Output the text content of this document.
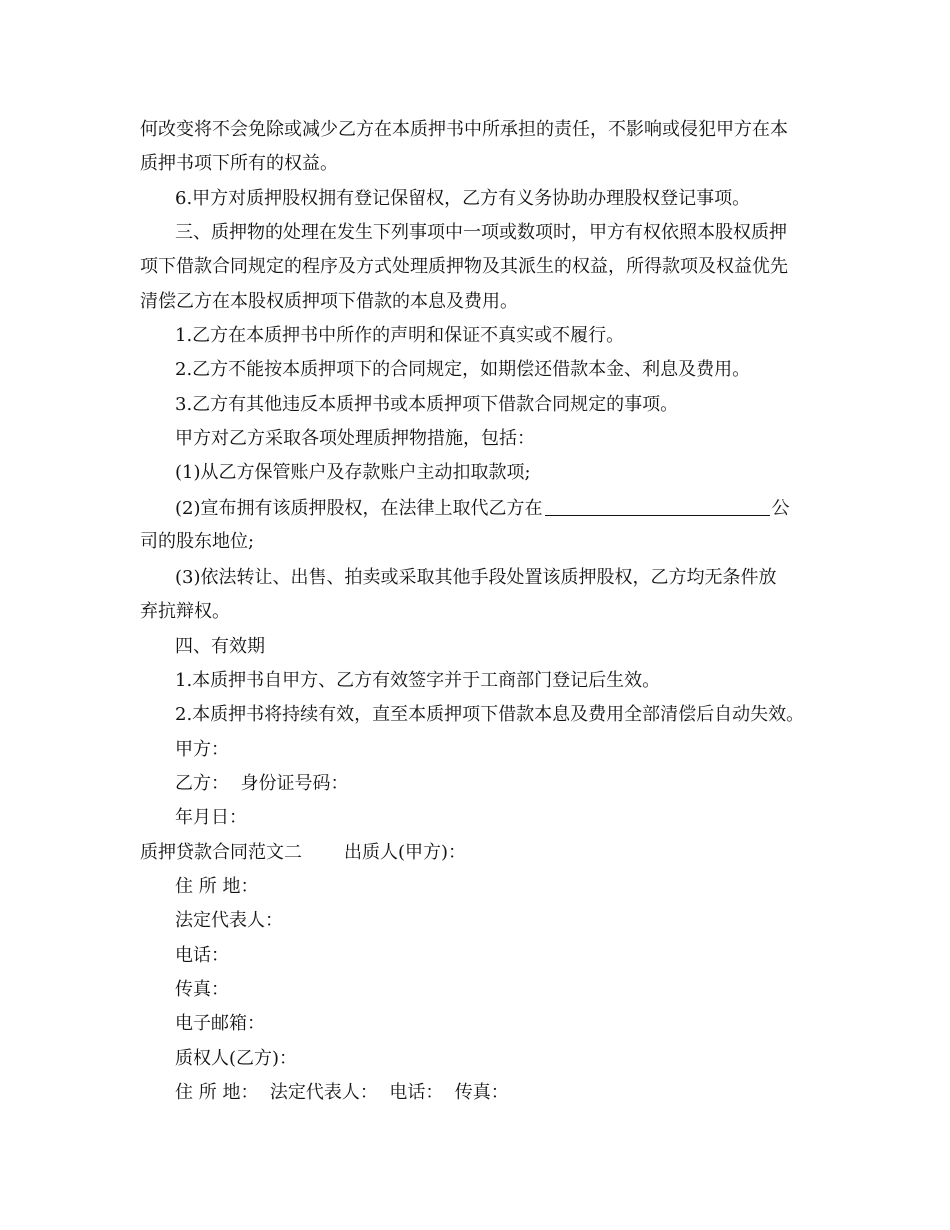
何改变将不会免除或减少乙方在本质押书中所承担的责任，不影响或侵犯甲方在本
质押书项下所有的权益。
6.甲方对质押股权拥有登记保留权，乙方有义务协助办理股权登记事项。
三、质押物的处理在发生下列事项中一项或数项时，甲方有权依照本股权质押
项下借款合同规定的程序及方式处理质押物及其派生的权益，所得款项及权益优先
清偿乙方在本股权质押项下借款的本息及费用。
1.乙方在本质押书中所作的声明和保证不真实或不履行。
2.乙方不能按本质押项下的合同规定，如期偿还借款本金、利息及费用。
3.乙方有其他违反本质押书或本质押项下借款合同规定的事项。
甲方对乙方采取各项处理质押物措施，包括：
(1)从乙方保管账户及存款账户主动扣取款项;
(2)宣布拥有该质押股权，在法律上取代乙方在	公
司的股东地位;
(3)依法转让、出售、拍卖或采取其他手段处置该质押股权，乙方均无条件放
弃抗辩权。
四、有效期
1.本质押书自甲方、乙方有效签字并于工商部门登记后生效。
2.本质押书将持续有效，直至本质押项下借款本息及费用全部清偿后自动失效。
甲方：
乙方：  身份证号码：
年月日：
质押贷款合同范文二 出质人(甲方)：
住 所 地：
法定代表人：
电话：
传真：
电子邮箱：
质权人(乙方)：
住 所 地：  法定代表人：  电话：  传真：
